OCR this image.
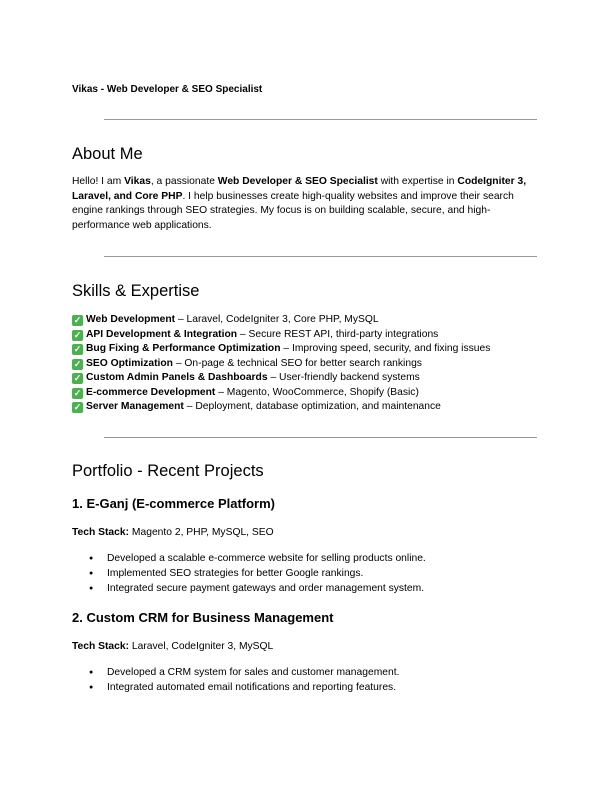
Vikas - Web Developer & SEO Specialist
About Me
Hello! I am Vikas, a passionate Web Developer & SEO Specialist with expertise in CodeIgniter 3, Laravel, and Core PHP. I help businesses create high-quality websites and improve their search engine rankings through SEO strategies. My focus is on building scalable, secure, and high-performance web applications.
Skills & Expertise
✓ Web Development – Laravel, CodeIgniter 3, Core PHP, MySQL
✓ API Development & Integration – Secure REST API, third-party integrations
✓ Bug Fixing & Performance Optimization – Improving speed, security, and fixing issues
✓ SEO Optimization – On-page & technical SEO for better search rankings
✓ Custom Admin Panels & Dashboards – User-friendly backend systems
✓ E-commerce Development – Magento, WooCommerce, Shopify (Basic)
✓ Server Management – Deployment, database optimization, and maintenance
Portfolio - Recent Projects
1. E-Ganj (E-commerce Platform)
Tech Stack: Magento 2, PHP, MySQL, SEO
● Developed a scalable e-commerce website for selling products online.
● Implemented SEO strategies for better Google rankings.
● Integrated secure payment gateways and order management system.
2. Custom CRM for Business Management
Tech Stack: Laravel, CodeIgniter 3, MySQL
● Developed a CRM system for sales and customer management.
● Integrated automated email notifications and reporting features.
